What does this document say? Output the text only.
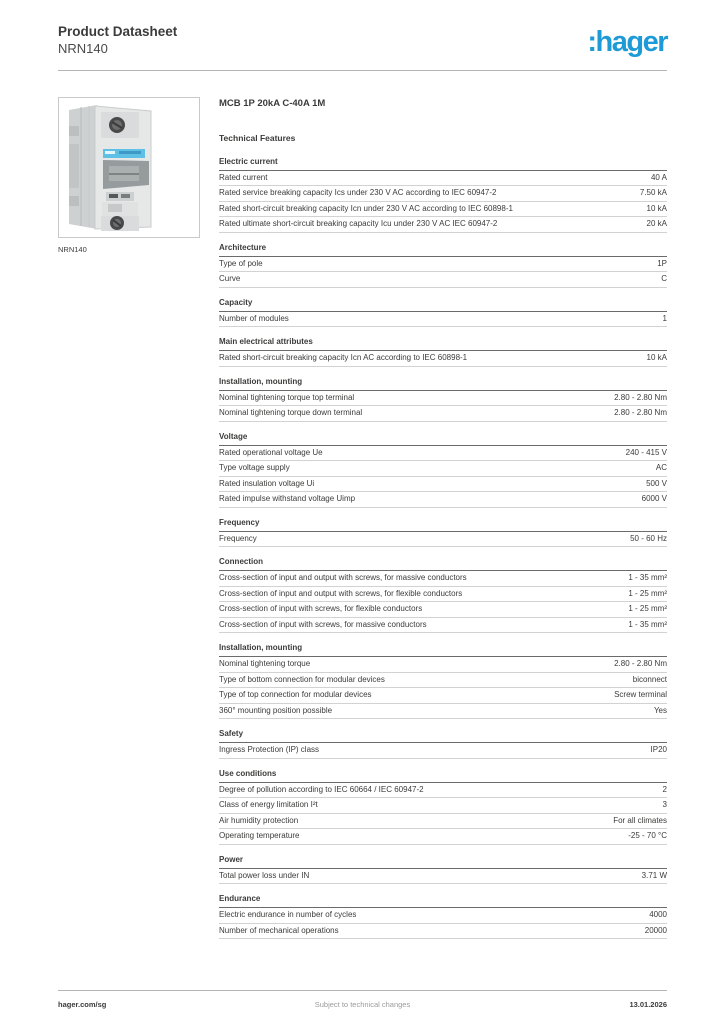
Product Datasheet
NRN140	:hager
NRN140
MCB 1P 20kA C-40A 1M
Technical Features
Electric current
Rated current	40 A
Rated service breaking capacity Ics under 230 V AC according to IEC 60947-2	7.50 kA
Rated short-circuit breaking capacity Icn under 230 V AC according to IEC 60898-1	10 kA
Rated ultimate short-circuit breaking capacity Icu under 230 V AC IEC 60947-2	20 kA
Architecture
Type of pole	1P
Curve	C
Capacity
Number of modules	1
Main electrical attributes
Rated short-circuit breaking capacity Icn AC according to IEC 60898-1	10 kA
Installation, mounting
Nominal tightening torque top terminal	2.80 - 2.80 Nm
Nominal tightening torque down terminal	2.80 - 2.80 Nm
Voltage
Rated operational voltage Ue	240 - 415 V
Type voltage supply	AC
Rated insulation voltage Ui	500 V
Rated impulse withstand voltage Uimp	6000 V
Frequency
Frequency	50 - 60 Hz
Connection
Cross-section of input and output with screws, for massive conductors	1 - 35 mm²
Cross-section of input and output with screws, for flexible conductors	1 - 25 mm²
Cross-section of input with screws, for flexible conductors	1 - 25 mm²
Cross-section of input with screws, for massive conductors	1 - 35 mm²
Installation, mounting
Nominal tightening torque	2.80 - 2.80 Nm
Type of bottom connection for modular devices	biconnect
Type of top connection for modular devices	Screw terminal
360° mounting position possible	Yes
Safety
Ingress Protection (IP) class	IP20
Use conditions
Degree of pollution according to IEC 60664 / IEC 60947-2	2
Class of energy limitation I²t	3
Air humidity protection	For all climates
Operating temperature	-25 - 70 °C
Power
Total power loss under IN	3.71 W
Endurance
Electric endurance in number of cycles	4000
Number of mechanical operations	20000
Subject to technical changes
hager.com/sg	13.01.2026
